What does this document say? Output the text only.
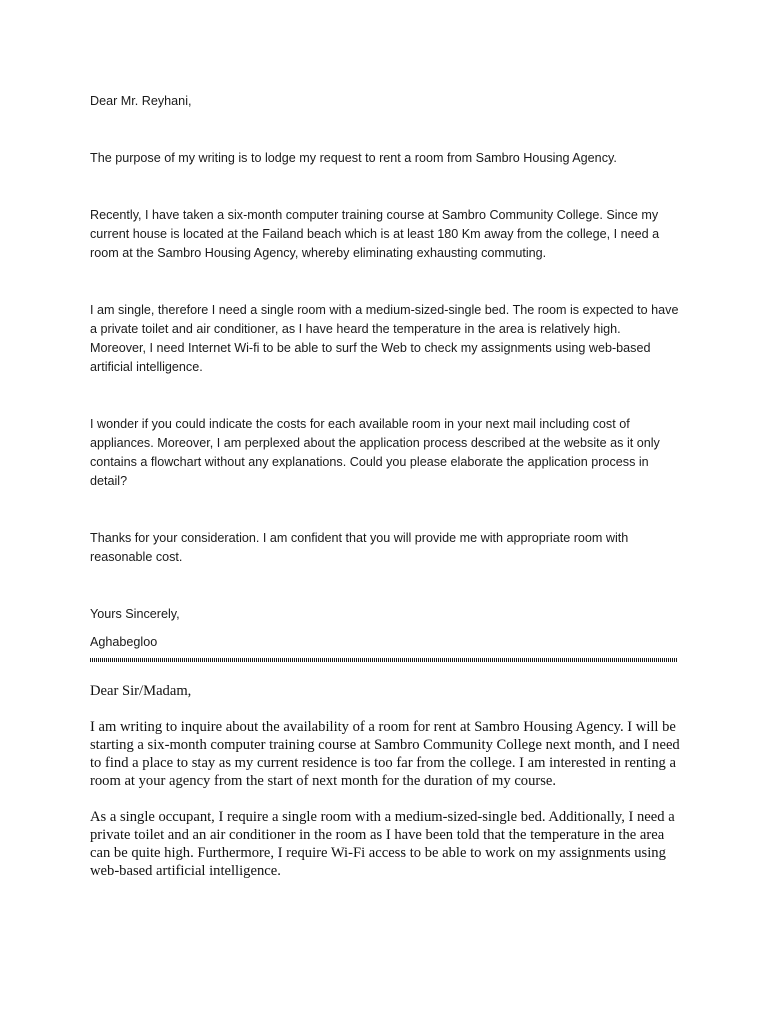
Dear Mr. Reyhani,

The purpose of my writing is to lodge my request to rent a room from Sambro Housing Agency.

Recently, I have taken a six-month computer training course at Sambro Community College. Since my current house is located at the Failand beach which is at least 180 Km away from the college, I need a room at the Sambro Housing Agency, whereby eliminating exhausting commuting.

I am single, therefore I need a single room with a medium-sized-single bed. The room is expected to have a private toilet and air conditioner, as I have heard the temperature in the area is relatively high. Moreover, I need Internet Wi-fi to be able to surf the Web to check my assignments using web-based artificial intelligence.

I wonder if you could indicate the costs for each available room in your next mail including cost of appliances. Moreover, I am perplexed about the application process described at the website as it only contains a flowchart without any explanations. Could you please elaborate the application process in detail?

Thanks for your consideration. I am confident that you will provide me with appropriate room with reasonable cost.

Yours Sincerely,

Aghabegloo

Dear Sir/Madam,

I am writing to inquire about the availability of a room for rent at Sambro Housing Agency. I will be starting a six-month computer training course at Sambro Community College next month, and I need to find a place to stay as my current residence is too far from the college. I am interested in renting a room at your agency from the start of next month for the duration of my course.

As a single occupant, I require a single room with a medium-sized-single bed. Additionally, I need a private toilet and an air conditioner in the room as I have been told that the temperature in the area can be quite high. Furthermore, I require Wi-Fi access to be able to work on my assignments using web-based artificial intelligence.
